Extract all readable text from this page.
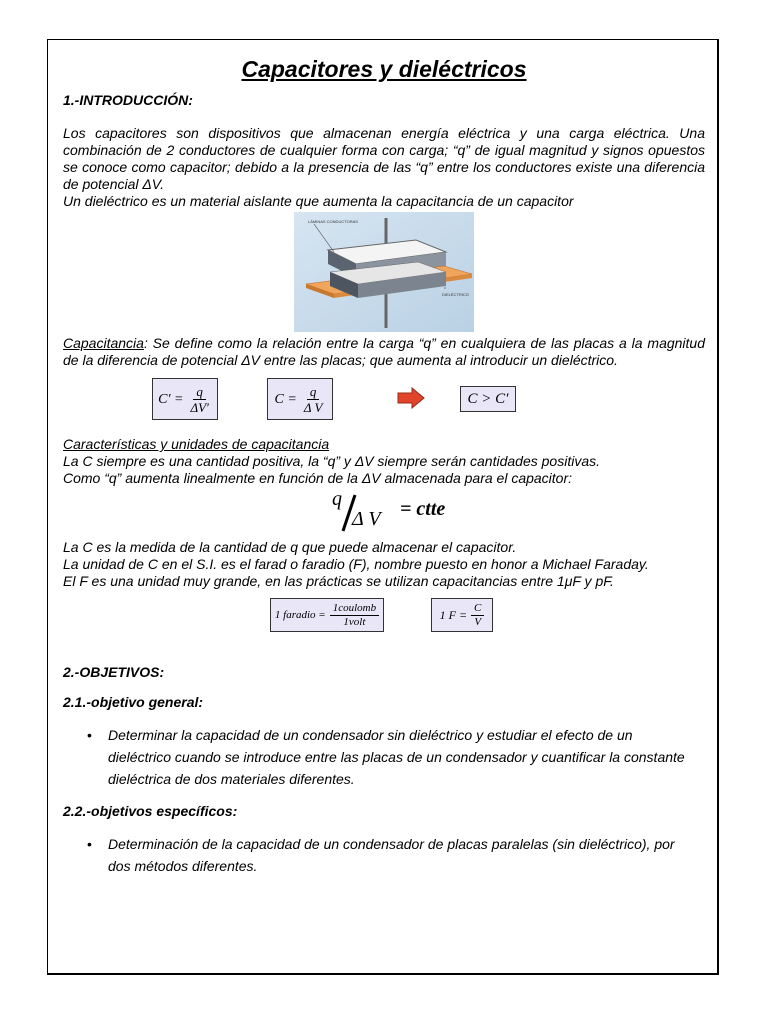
Capacitores y dieléctricos
1.-INTRODUCCIÓN:

Los capacitores son dispositivos que almacenan energía eléctrica y una carga eléctrica. Una combinación de 2 conductores de cualquier forma con carga; “q” de igual magnitud y signos opuestos se conoce como capacitor; debido a la presencia de las “q” entre los conductores existe una diferencia de potencial ΔV.

Un dieléctrico es un material aislante que aumenta la capacitancia de un capacitor

LÁMINAS CONDUCTORAS
DIELÉCTRICO

Capacitancia: Se define como la relación entre la carga “q” en cualquiera de las placas a la magnitud de la diferencia de potencial ΔV entre las placas; que aumenta al introducir un dieléctrico.

$C' = \frac{q}{\Delta V'}$	$C = \frac{q}{\text{Δ V}}$	C > C′
Características y unidades de capacitancia

La C siempre es una cantidad positiva, la “q” y ΔV siempre serán cantidades positivas.

Como “q” aumenta linealmente en función de la ΔV almacenada para el capacitor:

q
Δ V = ctte

La C es la medida de la cantidad de q que puede almacenar el capacitor.

La unidad de C en el S.I. es el farad o faradio (F), nombre puesto en honor a Michael Faraday.

El F es una unidad muy grande, en las prácticas se utilizan capacitancias entre 1μF y pF.

1 faradio = $\frac{\text{1coulomb}}{\text{1volt}}$	1 $F = \frac{C}{V}$
2.-OBJETIVOS:
2.1.-objetivo general:
• Determinar la capacidad de un condensador sin dieléctrico y estudiar el efecto de un dieléctrico cuando se introduce entre las placas de un condensador y cuantificar la constante dieléctrica de dos materiales diferentes.
2.2.-objetivos específicos:
• Determinación de la capacidad de un condensador de placas paralelas (sin dieléctrico), por dos métodos diferentes.
